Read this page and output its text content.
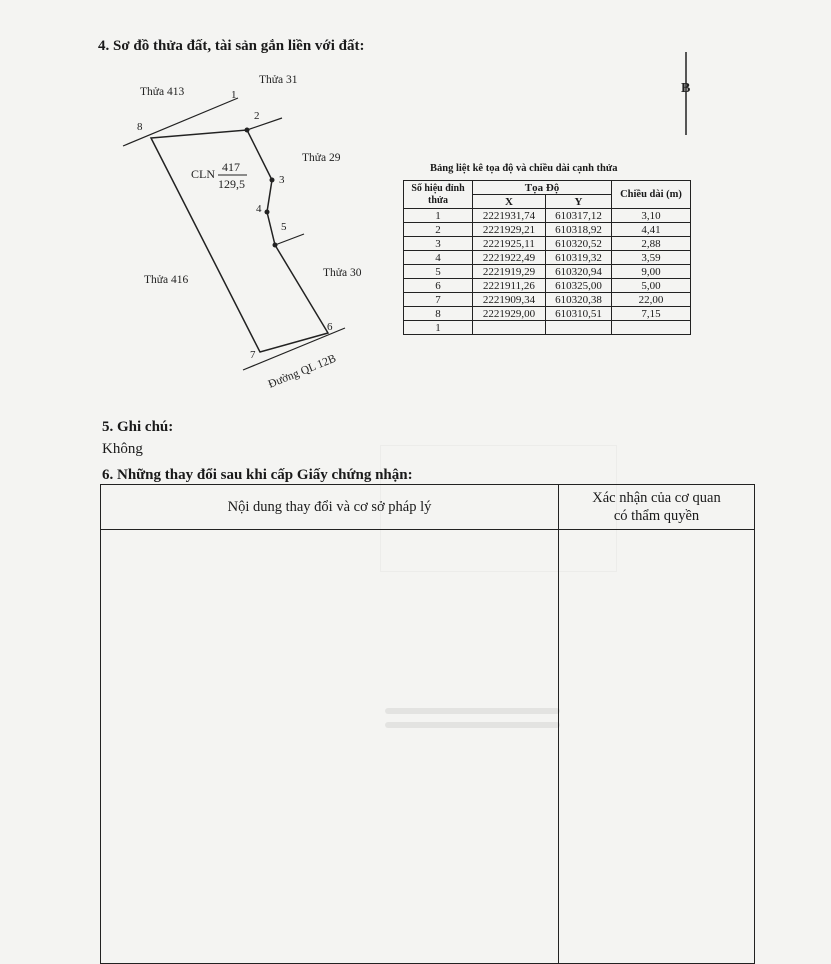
4. Sơ đồ thửa đất, tài sản gắn liền với đất:
B
1
2
3
4
5
6
7
8
Thửa 413
Thửa 31
Thửa 29
Thửa 416
Thửa 30
CLN 417
129,5
Đường QL 12B
Bảng liệt kê tọa độ và chiều dài cạnh thửa
Số hiệu đỉnh thửa	Tọa Độ		Chiều dài (m)
	X	Y	
1	2221931,74	610317,12	3,10
2	2221929,21	610318,92	4,41
3	2221925,11	610320,52	2,88
4	2221922,49	610319,32	3,59
5	2221919,29	610320,94	9,00
6	2221911,26	610325,00	5,00
7	2221909,34	610320,38	22,00
8	2221929,00	610310,51	7,15
1			
5. Ghi chú:
Không
6. Những thay đổi sau khi cấp Giấy chứng nhận:
Nội dung thay đổi và cơ sở pháp lý	Xác nhận của cơ quan
có thẩm quyền
